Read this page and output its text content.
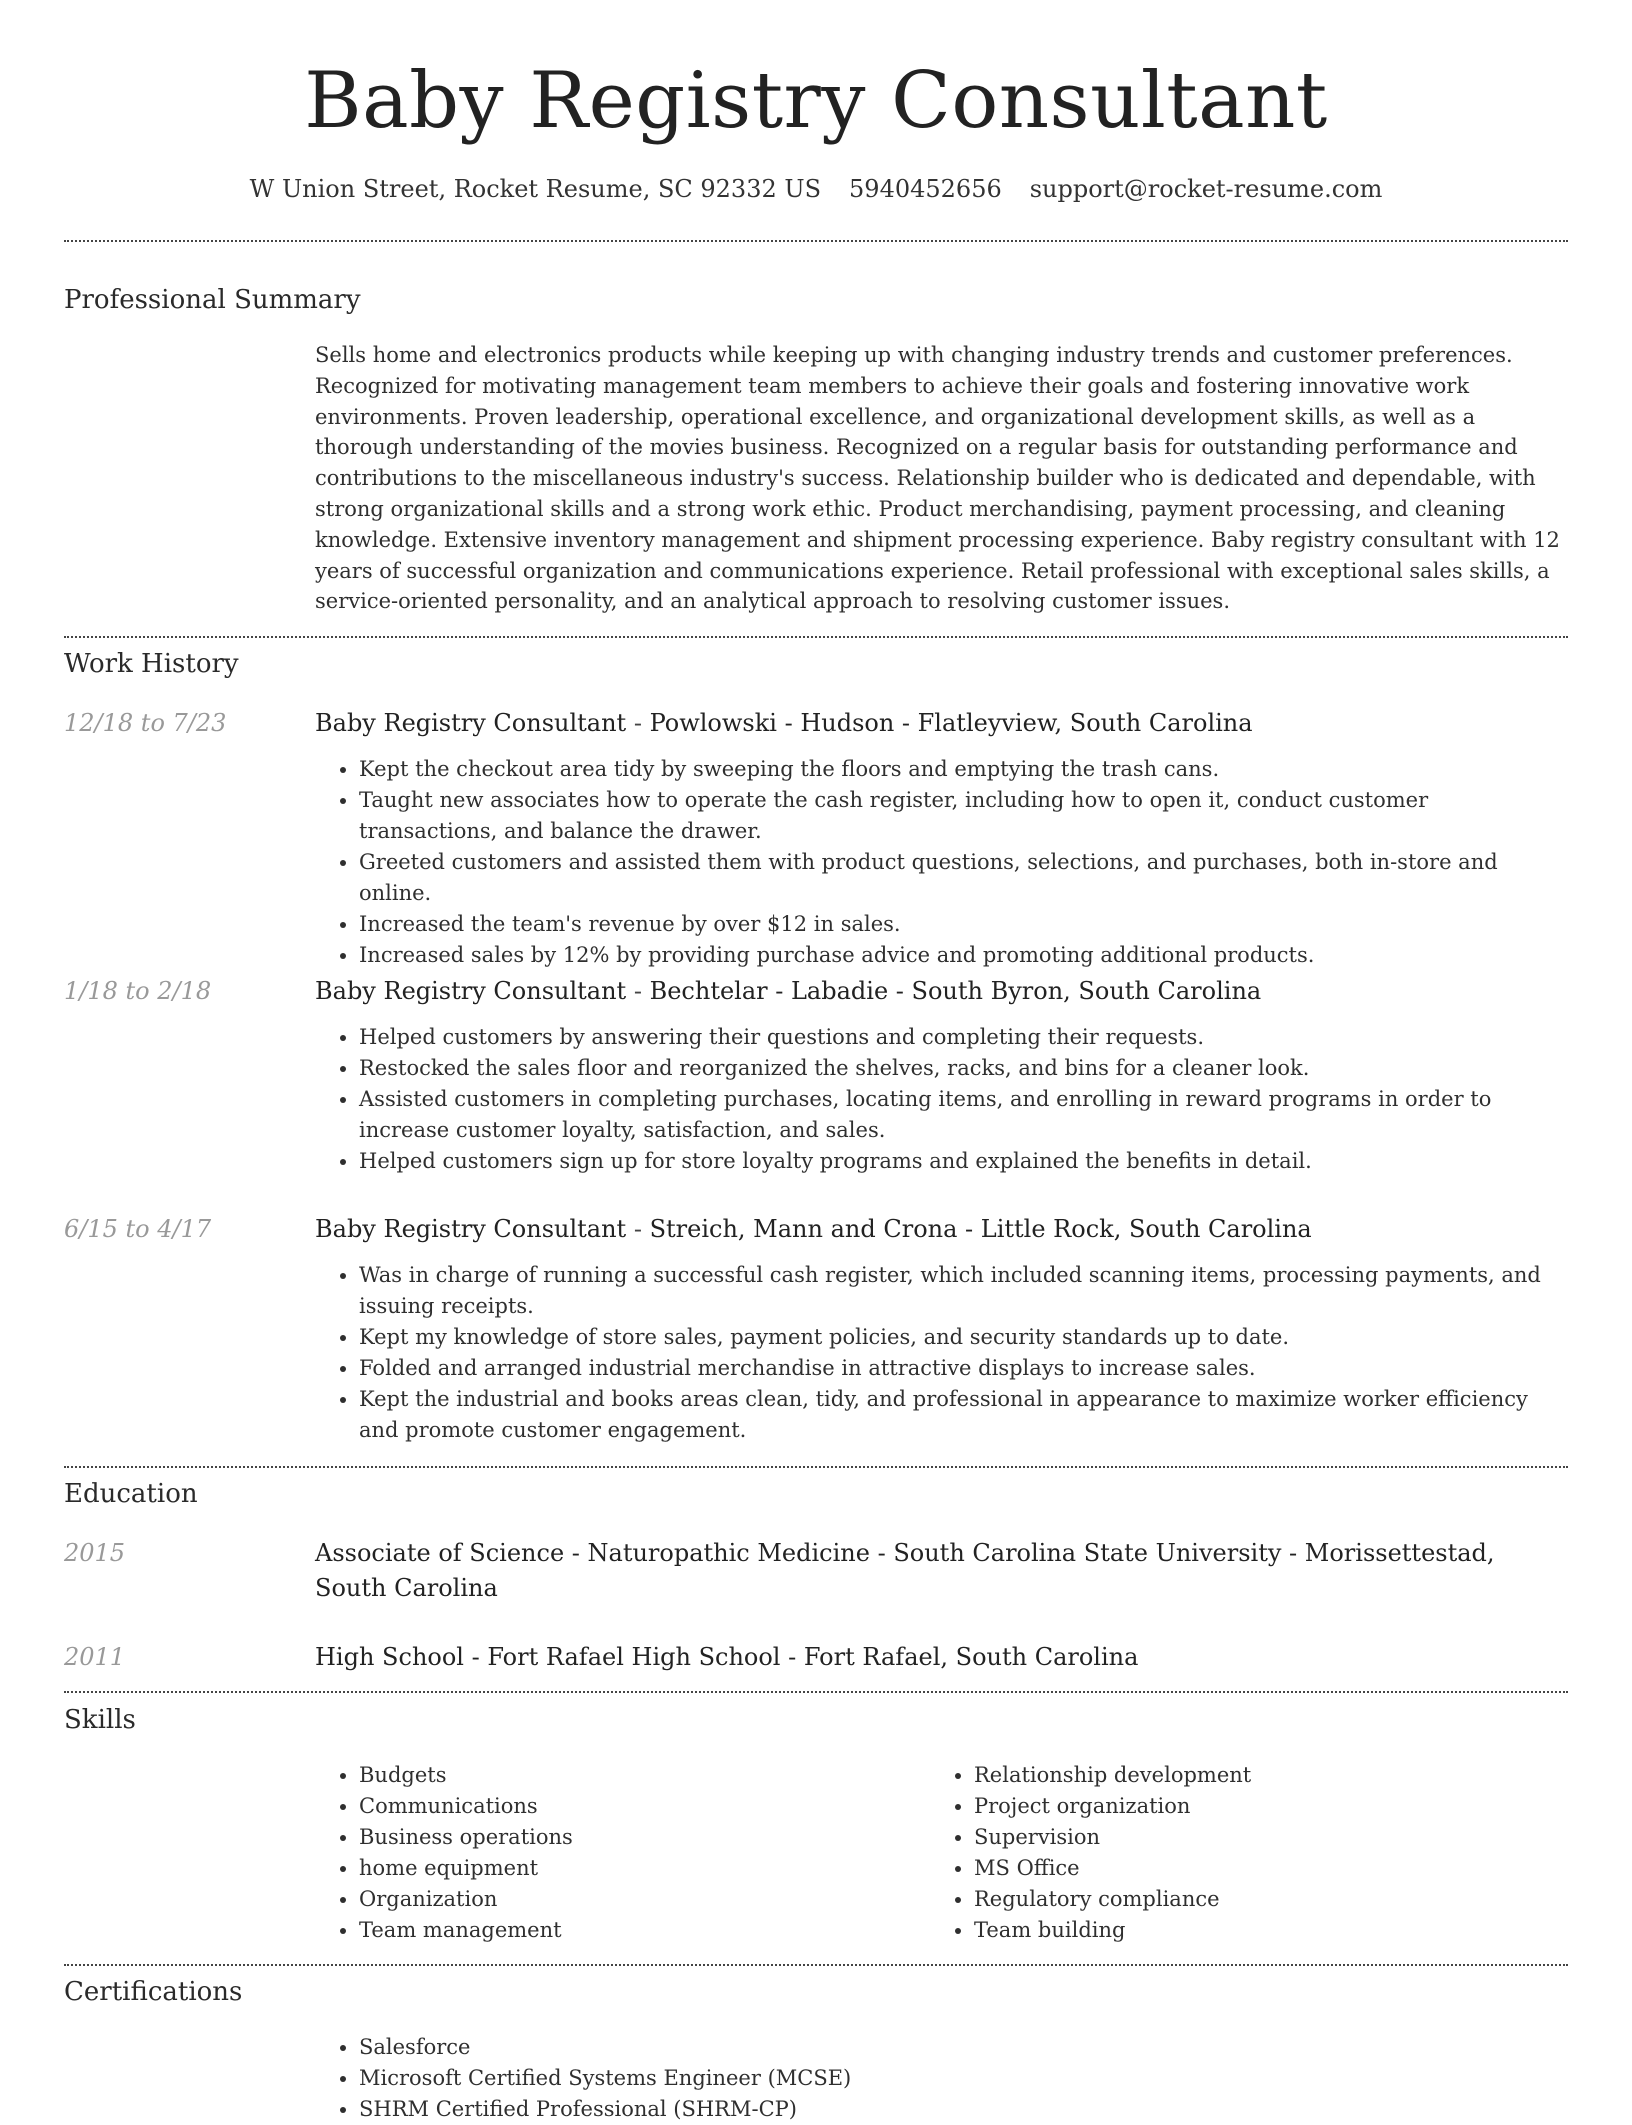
Baby Registry Consultant
W Union Street, Rocket Resume, SC 92332 US 5940452656 support@rocket-resume.com
Professional Summary

Sells home and electronics products while keeping up with changing industry trends and customer preferences. Recognized for motivating management team members to achieve their goals and fostering innovative work environments. Proven leadership, operational excellence, and organizational development skills, as well as a thorough understanding of the movies business. Recognized on a regular basis for outstanding performance and contributions to the miscellaneous industry's success. Relationship builder who is dedicated and dependable, with strong organizational skills and a strong work ethic. Product merchandising, payment processing, and cleaning knowledge. Extensive inventory management and shipment processing experience. Baby registry consultant with 12 years of successful organization and communications experience. Retail professional with exceptional sales skills, a service-oriented personality, and an analytical approach to resolving customer issues.

Work History
12/18 to 7/23	Baby Registry Consultant - Powlowski - Hudson - Flatleyview, South Carolina
• Kept the checkout area tidy by sweeping the floors and emptying the trash cans.
• Taught new associates how to operate the cash register, including how to open it, conduct customer transactions, and balance the drawer.
• Greeted customers and assisted them with product questions, selections, and purchases, both in-store and online.
• Increased the team's revenue by over $12 in sales.
• Increased sales by 12% by providing purchase advice and promoting additional products.
1/18 to 2/18	Baby Registry Consultant - Bechtelar - Labadie - South Byron, South Carolina
• Helped customers by answering their questions and completing their requests.
• Restocked the sales floor and reorganized the shelves, racks, and bins for a cleaner look.
• Assisted customers in completing purchases, locating items, and enrolling in reward programs in order to increase customer loyalty, satisfaction, and sales.
• Helped customers sign up for store loyalty programs and explained the benefits in detail.
6/15 to 4/17	Baby Registry Consultant - Streich, Mann and Crona - Little Rock, South Carolina
• Was in charge of running a successful cash register, which included scanning items, processing payments, and issuing receipts.
• Kept my knowledge of store sales, payment policies, and security standards up to date.
• Folded and arranged industrial merchandise in attractive displays to increase sales.
• Kept the industrial and books areas clean, tidy, and professional in appearance to maximize worker efficiency and promote customer engagement.
Education
2015	Associate of Science - Naturopathic Medicine - South Carolina State University - Morissettestad, South Carolina
2011	High School - Fort Rafael High School - Fort Rafael, South Carolina
Skills
• Budgets
• Communications
• Business operations
• home equipment
• Organization
• Team management
• Relationship development
• Project organization
• Supervision
• MS Office
• Regulatory compliance
• Team building
Certifications
• Salesforce
• Microsoft Certified Systems Engineer (MCSE)
• SHRM Certified Professional (SHRM-CP)
